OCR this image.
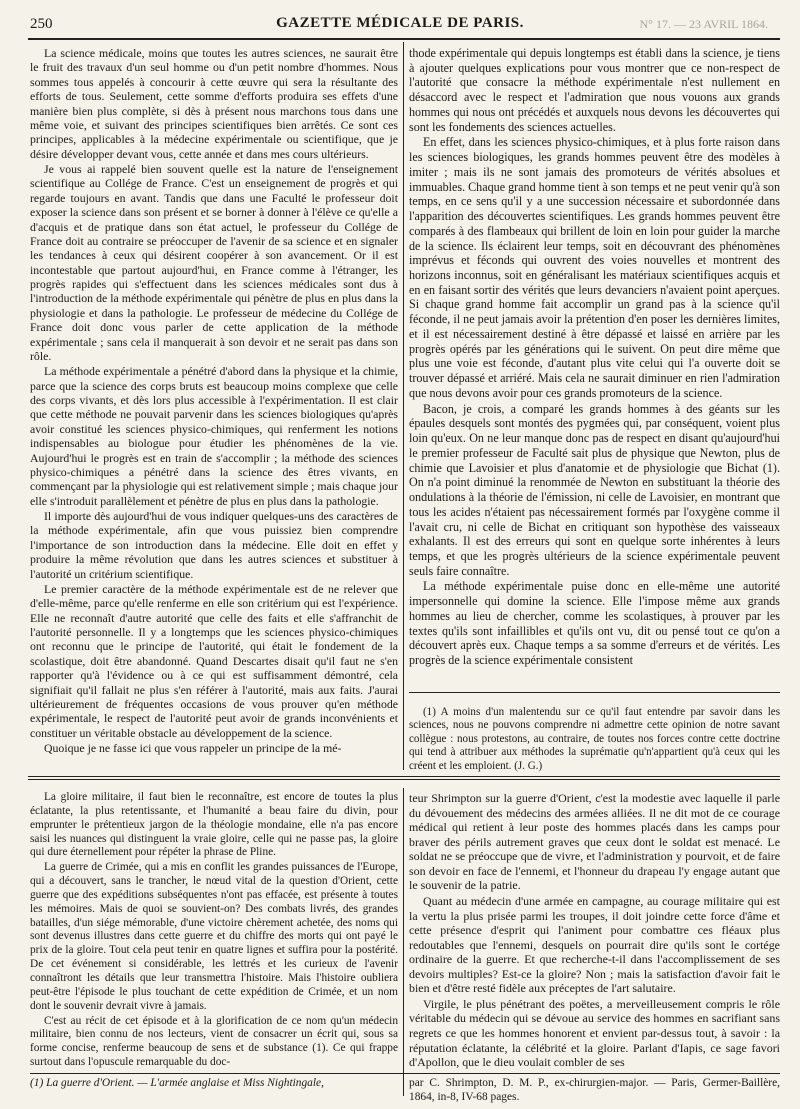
250	GAZETTE MÉDICALE DE PARIS.	N° 17. — 23 AVRIL 1864.

La science médicale, moins que toutes les autres sciences, ne saurait être le fruit des travaux d'un seul homme ou d'un petit nombre d'hommes. Nous sommes tous appelés à concourir à cette œuvre qui sera la résultante des efforts de tous. Seulement, cette somme d'efforts produira ses effets d'une manière bien plus complète, si dès à présent nous marchons tous dans une même voie, et suivant des principes scientifiques bien arrêtés. Ce sont ces principes, applicables à la médecine expérimentale ou scientifique, que je désire développer devant vous, cette année et dans mes cours ultérieurs.

Je vous ai rappelé bien souvent quelle est la nature de l'enseignement scientifique au Collége de France. C'est un enseignement de progrès et qui regarde toujours en avant. Tandis que dans une Faculté le professeur doit exposer la science dans son présent et se borner à donner à l'élève ce qu'elle a d'acquis et de pratique dans son état actuel, le professeur du Collége de France doit au contraire se préoccuper de l'avenir de sa science et en signaler les tendances à ceux qui désirent coopérer à son avancement. Or il est incontestable que partout aujourd'hui, en France comme à l'étranger, les progrès rapides qui s'effectuent dans les sciences médicales sont dus à l'introduction de la méthode expérimentale qui pénètre de plus en plus dans la physiologie et dans la pathologie. Le professeur de médecine du Collége de France doit donc vous parler de cette application de la méthode expérimentale ; sans cela il manquerait à son devoir et ne serait pas dans son rôle.

La méthode expérimentale a pénétré d'abord dans la physique et la chimie, parce que la science des corps bruts est beaucoup moins complexe que celle des corps vivants, et dès lors plus accessible à l'expérimentation. Il est clair que cette méthode ne pouvait parvenir dans les sciences biologiques qu'après avoir constitué les sciences physico-chimiques, qui renferment les notions indispensables au biologue pour étudier les phénomènes de la vie. Aujourd'hui le progrès est en train de s'accomplir ; la méthode des sciences physico-chimiques a pénétré dans la science des êtres vivants, en commençant par la physiologie qui est relativement simple ; mais chaque jour elle s'introduit parallèlement et pénètre de plus en plus dans la pathologie.

Il importe dès aujourd'hui de vous indiquer quelques-uns des caractères de la méthode expérimentale, afin que vous puissiez bien comprendre l'importance de son introduction dans la médecine. Elle doit en effet y produire la même révolution que dans les autres sciences et substituer à l'autorité un critérium scientifique.

Le premier caractère de la méthode expérimentale est de ne relever que d'elle-même, parce qu'elle renferme en elle son critérium qui est l'expérience. Elle ne reconnaît d'autre autorité que celle des faits et elle s'affranchit de l'autorité personnelle. Il y a longtemps que les sciences physico-chimiques ont reconnu que le principe de l'autorité, qui était le fondement de la scolastique, doit être abandonné. Quand Descartes disait qu'il faut ne s'en rapporter qu'à l'évidence ou à ce qui est suffisamment démontré, cela signifiait qu'il fallait ne plus s'en référer à l'autorité, mais aux faits. J'aurai ultérieurement de fréquentes occasions de vous prouver qu'en méthode expérimentale, le respect de l'autorité peut avoir de grands inconvénients et constituer un véritable obstacle au développement de la science.

Quoique je ne fasse ici que vous rappeler un principe de la mé-

thode expérimentale qui depuis longtemps est établi dans la science, je tiens à ajouter quelques explications pour vous montrer que ce non-respect de l'autorité que consacre la méthode expérimentale n'est nullement en désaccord avec le respect et l'admiration que nous vouons aux grands hommes qui nous ont précédés et auxquels nous devons les découvertes qui sont les fondements des sciences actuelles.

En effet, dans les sciences physico-chimiques, et à plus forte raison dans les sciences biologiques, les grands hommes peuvent être des modèles à imiter ; mais ils ne sont jamais des promoteurs de vérités absolues et immuables. Chaque grand homme tient à son temps et ne peut venir qu'à son temps, en ce sens qu'il y a une succession nécessaire et subordonnée dans l'apparition des découvertes scientifiques. Les grands hommes peuvent être comparés à des flambeaux qui brillent de loin en loin pour guider la marche de la science. Ils éclairent leur temps, soit en découvrant des phénomènes imprévus et féconds qui ouvrent des voies nouvelles et montrent des horizons inconnus, soit en généralisant les matériaux scientifiques acquis et en en faisant sortir des vérités que leurs devanciers n'avaient point aperçues. Si chaque grand homme fait accomplir un grand pas à la science qu'il féconde, il ne peut jamais avoir la prétention d'en poser les dernières limites, et il est nécessairement destiné à être dépassé et laissé en arrière par les progrès opérés par les générations qui le suivent. On peut dire même que plus une voie est féconde, d'autant plus vite celui qui l'a ouverte doit se trouver dépassé et arriéré. Mais cela ne saurait diminuer en rien l'admiration que nous devons avoir pour ces grands promoteurs de la science.

Bacon, je crois, a comparé les grands hommes à des géants sur les épaules desquels sont montés des pygmées qui, par conséquent, voient plus loin qu'eux. On ne leur manque donc pas de respect en disant qu'aujourd'hui le premier professeur de Faculté sait plus de physique que Newton, plus de chimie que Lavoisier et plus d'anatomie et de physiologie que Bichat (1). On n'a point diminué la renommée de Newton en substituant la théorie des ondulations à la théorie de l'émission, ni celle de Lavoisier, en montrant que tous les acides n'étaient pas nécessairement formés par l'oxygène comme il l'avait cru, ni celle de Bichat en critiquant son hypothèse des vaisseaux exhalants. Il est des erreurs qui sont en quelque sorte inhérentes à leurs temps, et que les progrès ultérieurs de la science expérimentale peuvent seuls faire connaître.

La méthode expérimentale puise donc en elle-même une autorité impersonnelle qui domine la science. Elle l'impose même aux grands hommes au lieu de chercher, comme les scolastiques, à prouver par les textes qu'ils sont infaillibles et qu'ils ont vu, dit ou pensé tout ce qu'on a découvert après eux. Chaque temps a sa somme d'erreurs et de vérités. Les progrès de la science expérimentale consistent

(1) A moins d'un malentendu sur ce qu'il faut entendre par savoir dans les sciences, nous ne pouvons comprendre ni admettre cette opinion de notre savant collègue : nous protestons, au contraire, de toutes nos forces contre cette doctrine qui tend à attribuer aux méthodes la suprématie qu'n'appartient qu'à ceux qui les créent et les emploient. (J. G.)

La gloire militaire, il faut bien le reconnaître, est encore de toutes la plus éclatante, la plus retentissante, et l'humanité a beau faire du divin, pour emprunter le prétentieux jargon de la théologie mondaine, elle n'a pas encore saisi les nuances qui distinguent la vraie gloire, celle qui ne passe pas, la gloire qui dure éternellement pour répéter la phrase de Pline.

La guerre de Crimée, qui a mis en conflit les grandes puissances de l'Europe, qui a découvert, sans le trancher, le nœud vital de la question d'Orient, cette guerre que des expéditions subséquentes n'ont pas effacée, est présente à toutes les mémoires. Mais de quoi se souvient-on? Des combats livrés, des grandes batailles, d'un siége mémorable, d'une victoire chèrement achetée, des noms qui sont devenus illustres dans cette guerre et du chiffre des morts qui ont payé le prix de la gloire. Tout cela peut tenir en quatre lignes et suffira pour la postérité. De cet événement si considérable, les lettrés et les curieux de l'avenir connaîtront les détails que leur transmettra l'histoire. Mais l'histoire oubliera peut-être l'épisode le plus touchant de cette expédition de Crimée, et un nom dont le souvenir devrait vivre à jamais.

C'est au récit de cet épisode et à la glorification de ce nom qu'un médecin militaire, bien connu de nos lecteurs, vient de consacrer un écrit qui, sous sa forme concise, renferme beaucoup de sens et de substance (1). Ce qui frappe surtout dans l'opuscule remarquable du doc-

teur Shrimpton sur la guerre d'Orient, c'est la modestie avec laquelle il parle du dévouement des médecins des armées alliées. Il ne dit mot de ce courage médical qui retient à leur poste des hommes placés dans les camps pour braver des périls autrement graves que ceux dont le soldat est menacé. Le soldat ne se préoccupe que de vivre, et l'administration y pourvoit, et de faire son devoir en face de l'ennemi, et l'honneur du drapeau l'y engage autant que le souvenir de la patrie.

Quant au médecin d'une armée en campagne, au courage militaire qui est la vertu la plus prisée parmi les troupes, il doit joindre cette force d'âme et cette présence d'esprit qui l'animent pour combattre ces fléaux plus redoutables que l'ennemi, desquels on pourrait dire qu'ils sont le cortége ordinaire de la guerre. Et que recherche-t-il dans l'accomplissement de ses devoirs multiples? Est-ce la gloire? Non ; mais la satisfaction d'avoir fait le bien et d'être resté fidèle aux préceptes de l'art salutaire.

Virgile, le plus pénétrant des poëtes, a merveilleusement compris le rôle véritable du médecin qui se dévoue au service des hommes en sacrifiant sans regrets ce que les hommes honorent et envient par-dessus tout, à savoir : la réputation éclatante, la célébrité et la gloire. Parlant d'Iapis, ce sage favori d'Apollon, que le dieu voulait combler de ses

(1) La guerre d'Orient. — L'armée anglaise et Miss Nightingale,	par C. Shrimpton, D. M. P., ex-chirurgien-major. — Paris, Germer-Baillère, 1864, in-8, IV-68 pages.
